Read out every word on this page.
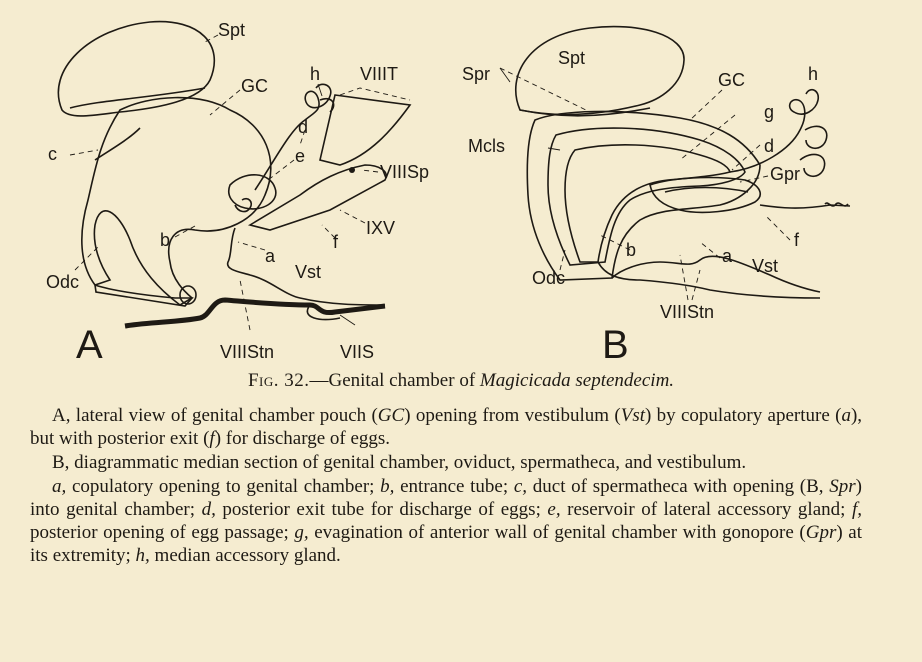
Spt
GC
h VIIIT
c
d
e
VIIISp
IXV
b
a
f
Vst
Odc
VIIIStn	VIIS
A
Spt
Spr	GC	h
g
Mcls	d
Gpr
f
b	a Vst
Odc
VIIIStn
B
Fig. 32.—Genital chamber of Magicicada septendecim.

A, lateral view of genital chamber pouch (GC) opening from vestibulum (Vst) by copulatory aperture (a), but with posterior exit (f) for discharge of eggs.

B, diagrammatic median section of genital chamber, oviduct, spermatheca, and vestibulum.

a, copulatory opening to genital chamber; b, entrance tube; c, duct of spermatheca with opening (B, Spr) into genital chamber; d, posterior exit tube for discharge of eggs; e, reservoir of lateral accessory gland; f, posterior opening of egg passage; g, evagination of anterior wall of genital chamber with gonopore (Gpr) at its extremity; h, median accessory gland.
